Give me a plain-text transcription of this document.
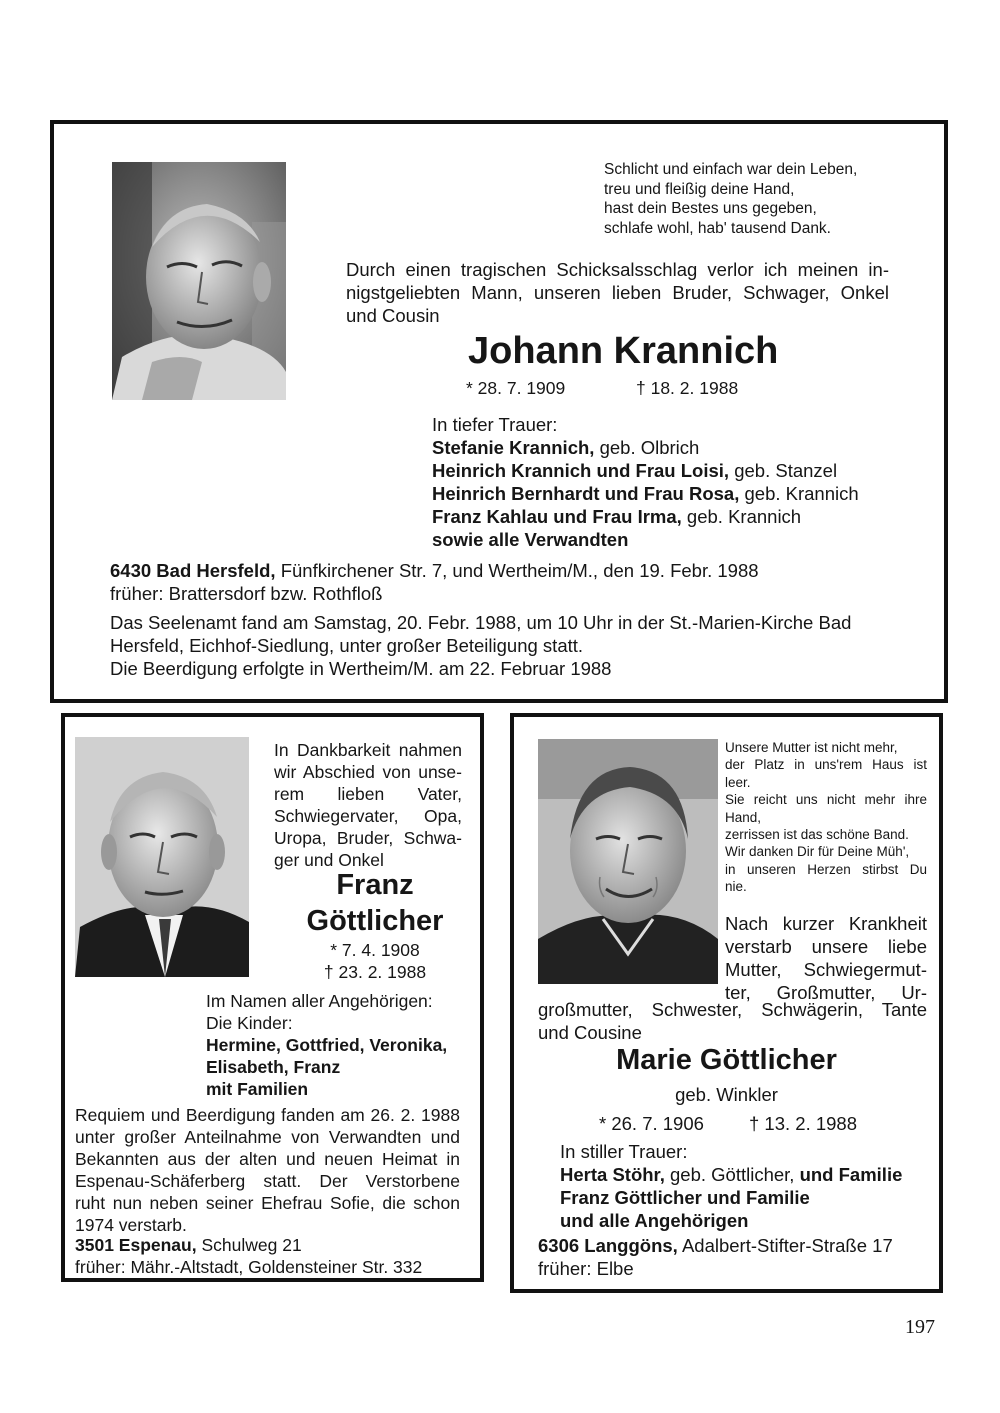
Schlicht und einfach war dein Leben,
treu und fleißig deine Hand,
hast dein Bestes uns gegeben,
schlafe wohl, hab' tausend Dank.
Durch einen tragischen Schicksalsschlag verlor ich meinen in-
nigstgeliebten Mann, unseren lieben Bruder, Schwager, Onkel
und Cousin
Johann Krannich
* 28. 7. 1909	† 18. 2. 1988
In tiefer Trauer:
Stefanie Krannich, geb. Olbrich
Heinrich Krannich und Frau Loisi, geb. Stanzel
Heinrich Bernhardt und Frau Rosa, geb. Krannich
Franz Kahlau und Frau Irma, geb. Krannich
sowie alle Verwandten
6430 Bad Hersfeld, Fünfkirchener Str. 7, und Wertheim/M., den 19. Febr. 1988
früher: Brattersdorf bzw. Rothfloß
Das Seelenamt fand am Samstag, 20. Febr. 1988, um 10 Uhr in der St.-Marien-Kirche Bad
Hersfeld, Eichhof-Siedlung, unter großer Beteiligung statt.
Die Beerdigung erfolgte in Wertheim/M. am 22. Februar 1988
In Dankbarkeit nahmen
wir Abschied von unse-
rem lieben Vater,
Schwiegervater, Opa,
Uropa, Bruder, Schwa-
ger und Onkel
Franz
Göttlicher
* 7. 4. 1908
† 23. 2. 1988
Im Namen aller Angehörigen:
Die Kinder:
Hermine, Gottfried, Veronika,
Elisabeth, Franz
mit Familien
Requiem und Beerdigung fanden am 26. 2. 1988
unter großer Anteilnahme von Verwandten und
Bekannten aus der alten und neuen Heimat in
Espenau-Schäferberg statt. Der Verstorbene
ruht nun neben seiner Ehefrau Sofie, die schon
1974 verstarb.
3501 Espenau, Schulweg 21
früher: Mähr.-Altstadt, Goldensteiner Str. 332
Unsere Mutter ist nicht mehr,
der Platz in uns'rem Haus ist
leer.
Sie reicht uns nicht mehr ihre
Hand,
zerrissen ist das schöne Band.
Wir danken Dir für Deine Müh',
in unseren Herzen stirbst Du
nie.
Nach kurzer Krankheit
verstarb unsere liebe
Mutter, Schwiegermut-
ter, Großmutter, Ur-
großmutter, Schwester, Schwägerin, Tante
und Cousine
Marie Göttlicher
geb. Winkler
* 26. 7. 1906 † 13. 2. 1988
In stiller Trauer:
Herta Stöhr, geb. Göttlicher, und Familie
Franz Göttlicher und Familie
und alle Angehörigen
6306 Langgöns, Adalbert-Stifter-Straße 17
früher: Elbe
197
